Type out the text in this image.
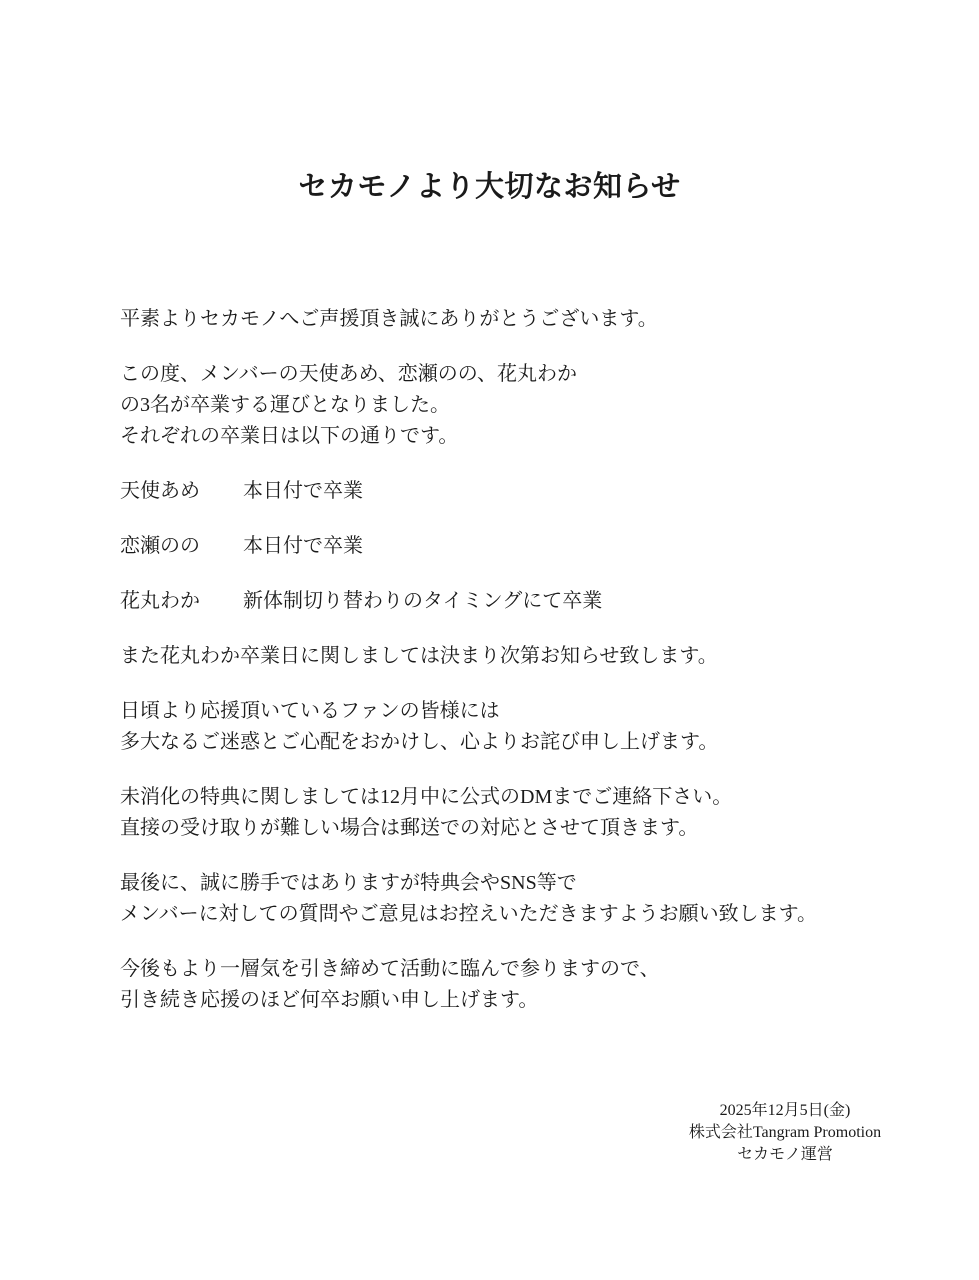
セカモノより大切なお知らせ

平素よりセカモノへご声援頂き誠にありがとうございます。

この度、メンバーの天使あめ、恋瀬のの、花丸わか
の3名が卒業する運びとなりました。
それぞれの卒業日は以下の通りです。

天使あめ	本日付で卒業
恋瀬のの	本日付で卒業
花丸わか	新体制切り替わりのタイミングにて卒業

また花丸わか卒業日に関しましては決まり次第お知らせ致します。

日頃より応援頂いているファンの皆様には
多大なるご迷惑とご心配をおかけし、心よりお詫び申し上げます。

未消化の特典に関しましては12月中に公式のDMまでご連絡下さい。
直接の受け取りが難しい場合は郵送での対応とさせて頂きます。

最後に、誠に勝手ではありますが特典会やSNS等で
メンバーに対しての質問やご意見はお控えいただきますようお願い致します。

今後もより一層気を引き締めて活動に臨んで参りますので、
引き続き応援のほど何卒お願い申し上げます。

2025年12月5日(金)
株式会社Tangram Promotion
セカモノ運営
